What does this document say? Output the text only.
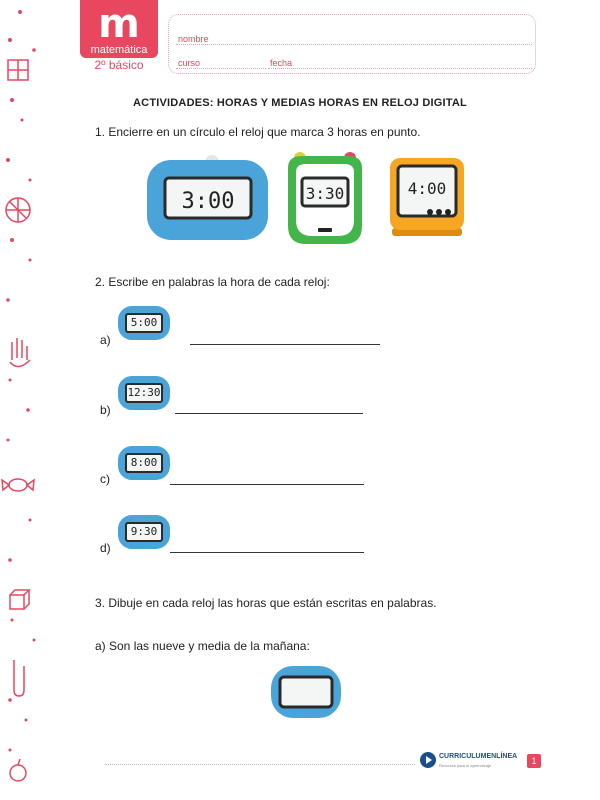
m
matemática
2º básico
nombre
curso	fecha
ACTIVIDADES: HORAS Y MEDIAS HORAS EN RELOJ DIGITAL
1. Encierre en un círculo el reloj que marca 3 horas en punto.
3:00	3:30	4:00
2. Escribe en palabras la hora de cada reloj:
a)
5:00
b)
12:30
c)
8:00
d)
9:30
3. Dibuje en cada reloj las horas que están escritas en palabras.
a) Son las nueve y media de la mañana:
CURRICULUMENLÍNEA
Recursos para el aprendizaje	1
